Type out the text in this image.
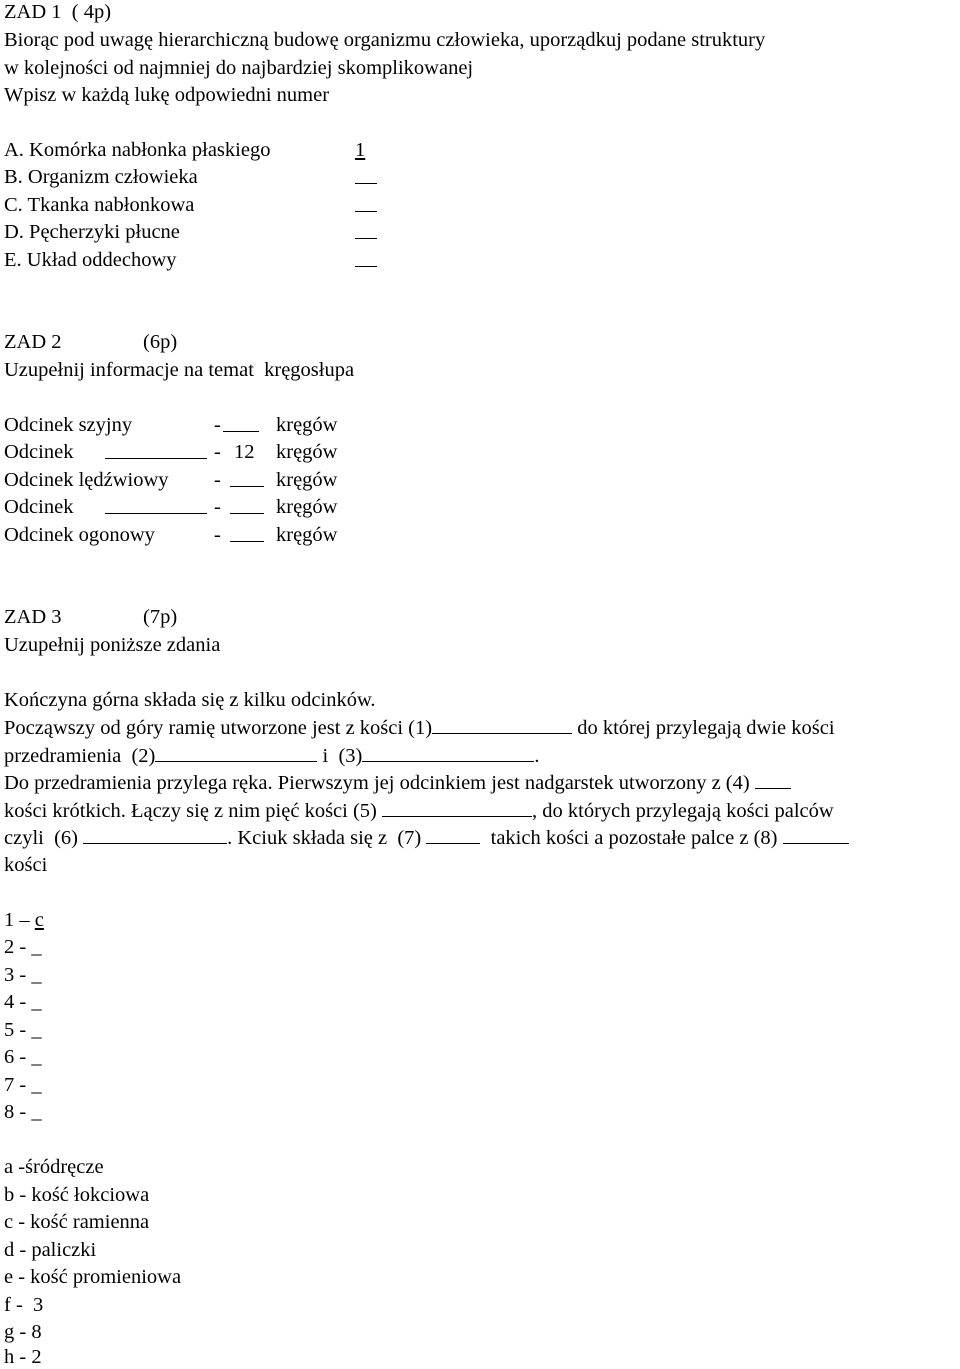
ZAD 1  ( 4p)
Biorąc pod uwagę hierarchiczną budowę organizmu człowieka, uporządkuj podane struktury
w kolejności od najmniej do najbardziej skomplikowanej
Wpisz w każdą lukę odpowiedni numer
A. Komórka nabłonka płaskiego	1
B. Organizm człowieka
C. Tkanka nabłonkowa
D. Pęcherzyki płucne
E. Układ oddechowy
ZAD 2	(6p)
Uzupełnij informacje na temat  kręgosłupa
Odcinek szyjny	-	kręgów
Odcinek	- 12 kręgów
Odcinek lędźwiowy -	kręgów
Odcinek	-	kręgów
Odcinek ogonowy	-	kręgów
ZAD 3	(7p)
Uzupełnij poniższe zdania
Kończyna górna składa się z kilku odcinków.
Począwszy od góry ramię utworzone jest z kości (1)	do której przylegają dwie kości
przedramienia  (2)	i  (3)	.
Do przedramienia przylega ręka. Pierwszym jej odcinkiem jest nadgarstek utworzony z (4)
kości krótkich. Łączy się z nim pięć kości (5)	, do których przylegają kości palców
czyli  (6)	. Kciuk składa się z  (7)	takich kości a pozostałe palce z (8)
kości
1 – c
2 - _
3 - _
4 - _
5 - _
6 - _
7 - _
8 - _
a -śródręcze
b - kość łokciowa
c - kość ramienna
d - paliczki
e - kość promieniowa
f -  3
g - 8
h - 2
